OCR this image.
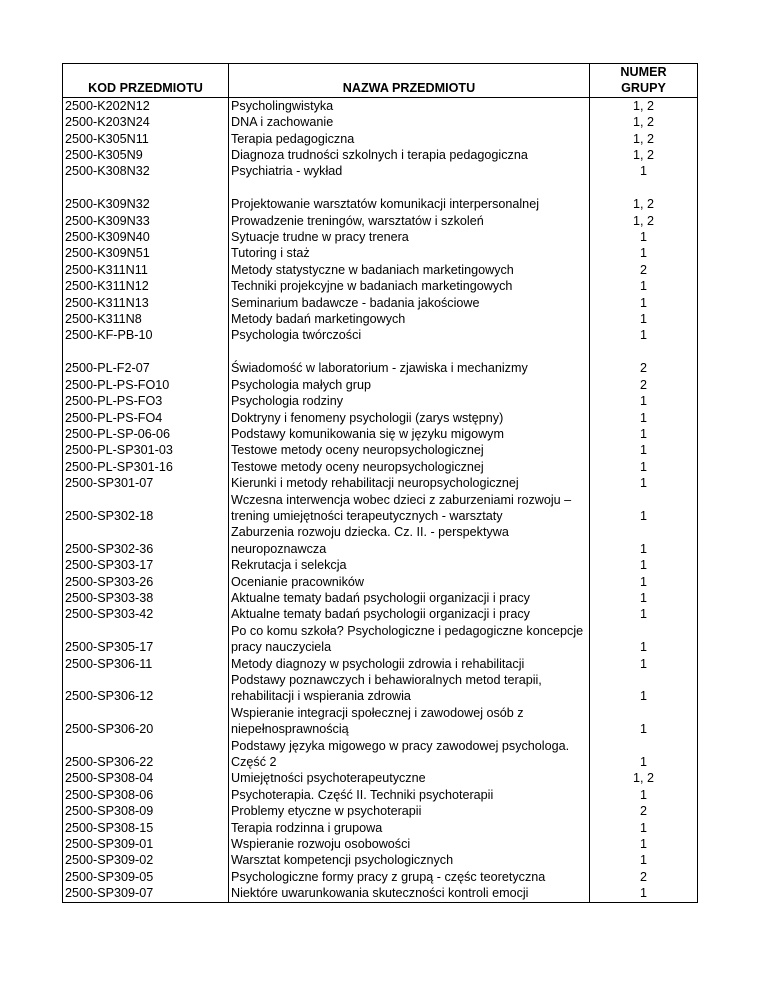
KOD PRZEDMIOTU	NAZWA PRZEDMIOTU	NUMER
GRUPY
2500-K202N12	Psycholingwistyka	1, 2
2500-K203N24	DNA i zachowanie	1, 2
2500-K305N11	Terapia pedagogiczna	1, 2
2500-K305N9	Diagnoza trudności szkolnych i terapia pedagogiczna	1, 2
2500-K308N32	Psychiatria - wykład	1

2500-K309N32	Projektowanie warsztatów komunikacji interpersonalnej	1, 2
2500-K309N33	Prowadzenie treningów, warsztatów i szkoleń	1, 2
2500-K309N40	Sytuacje trudne w pracy trenera	1
2500-K309N51	Tutoring i staż	1
2500-K311N11	Metody statystyczne w badaniach marketingowych	2
2500-K311N12	Techniki projekcyjne w badaniach marketingowych	1
2500-K311N13	Seminarium badawcze - badania jakościowe	1
2500-K311N8	Metody badań marketingowych	1
2500-KF-PB-10	Psychologia twórczości	1

2500-PL-F2-07	Świadomość w laboratorium - zjawiska i mechanizmy	2
2500-PL-PS-FO10	Psychologia małych grup	2
2500-PL-PS-FO3	Psychologia rodziny	1
2500-PL-PS-FO4	Doktryny i fenomeny psychologii (zarys wstępny)	1
2500-PL-SP-06-06	Podstawy komunikowania się w języku migowym	1
2500-PL-SP301-03	Testowe metody oceny neuropsychologicznej	1
2500-PL-SP301-16	Testowe metody oceny neuropsychologicznej	1
2500-SP301-07	Kierunki i metody rehabilitacji neuropsychologicznej	1
2500-SP302-18	Wczesna interwencja wobec dzieci z zaburzeniami rozwoju – trening umiejętności terapeutycznych - warsztaty	1
2500-SP302-36	Zaburzenia rozwoju dziecka. Cz. II. - perspektywa neuropoznawcza	1
2500-SP303-17	Rekrutacja i selekcja	1
2500-SP303-26	Ocenianie pracowników	1
2500-SP303-38	Aktualne tematy badań psychologii organizacji i pracy	1
2500-SP303-42	Aktualne tematy badań psychologii organizacji i pracy	1
2500-SP305-17	Po co komu szkoła? Psychologiczne i pedagogiczne koncepcje pracy nauczyciela	1
2500-SP306-11	Metody diagnozy w psychologii zdrowia i rehabilitacji	1
2500-SP306-12	Podstawy poznawczych i behawioralnych metod terapii, rehabilitacji i wspierania zdrowia	1
2500-SP306-20	Wspieranie integracji społecznej i zawodowej osób z niepełnosprawnością	1
2500-SP306-22	Podstawy języka migowego w pracy zawodowej psychologa. Część 2	1
2500-SP308-04	Umiejętności psychoterapeutyczne	1, 2
2500-SP308-06	Psychoterapia. Część II. Techniki psychoterapii	1
2500-SP308-09	Problemy etyczne w psychoterapii	2
2500-SP308-15	Terapia rodzinna i grupowa	1
2500-SP309-01	Wspieranie rozwoju osobowości	1
2500-SP309-02	Warsztat kompetencji psychologicznych	1
2500-SP309-05	Psychologiczne formy pracy z grupą - częśc teoretyczna	2
2500-SP309-07	Niektóre uwarunkowania skuteczności kontroli emocji	1
